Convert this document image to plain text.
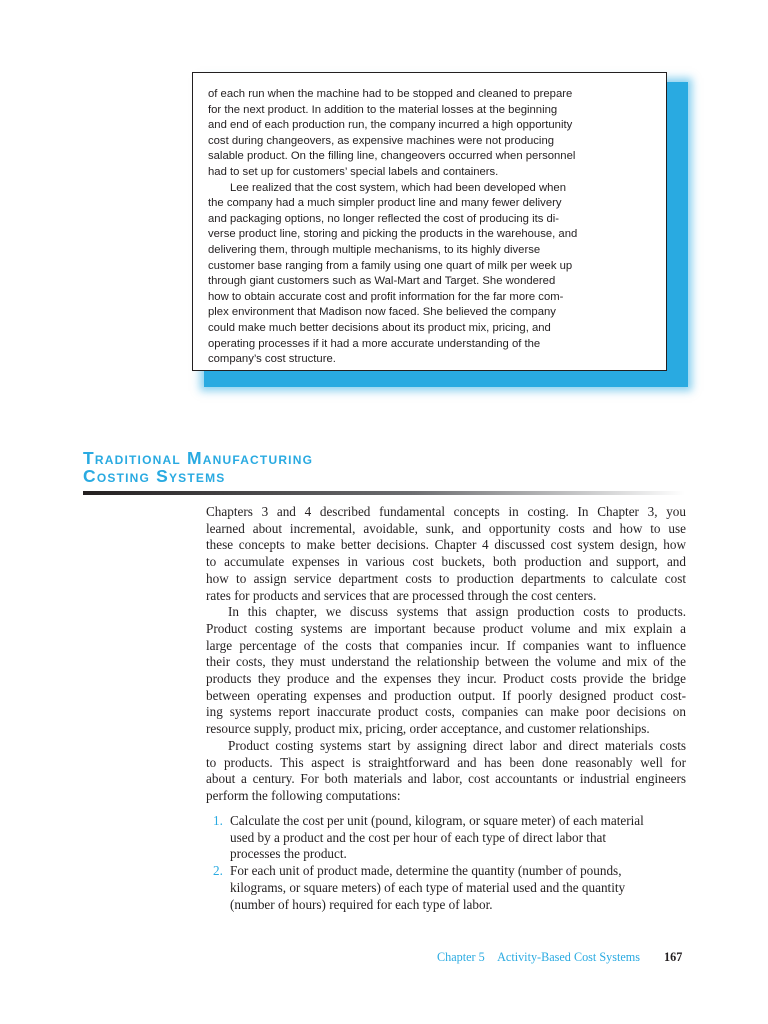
of each run when the machine had to be stopped and cleaned to prepare
for the next product. In addition to the material losses at the beginning
and end of each production run, the company incurred a high opportunity
cost during changeovers, as expensive machines were not producing
salable product. On the filling line, changeovers occurred when personnel
had to set up for customers’ special labels and containers.

Lee realized that the cost system, which had been developed when
the company had a much simpler product line and many fewer delivery
and packaging options, no longer reflected the cost of producing its di-
verse product line, storing and picking the products in the warehouse, and
delivering them, through multiple mechanisms, to its highly diverse
customer base ranging from a family using one quart of milk per week up
through giant customers such as Wal-Mart and Target. She wondered
how to obtain accurate cost and profit information for the far more com-
plex environment that Madison now faced. She believed the company
could make much better decisions about its product mix, pricing, and
operating processes if it had a more accurate understanding of the
company’s cost structure.

Traditional Manufacturing
Costing Systems
Chapters 3 and 4 described fundamental concepts in costing. In Chapter 3, you
learned about incremental, avoidable, sunk, and opportunity costs and how to use
these concepts to make better decisions. Chapter 4 discussed cost system design, how
to accumulate expenses in various cost buckets, both production and support, and
how to assign service department costs to production departments to calculate cost
rates for products and services that are processed through the cost centers.
In this chapter, we discuss systems that assign production costs to products.
Product costing systems are important because product volume and mix explain a
large percentage of the costs that companies incur. If companies want to influence
their costs, they must understand the relationship between the volume and mix of the
products they produce and the expenses they incur. Product costs provide the bridge
between operating expenses and production output. If poorly designed product cost-
ing systems report inaccurate product costs, companies can make poor decisions on
resource supply, product mix, pricing, order acceptance, and customer relationships.
Product costing systems start by assigning direct labor and direct materials costs
to products. This aspect is straightforward and has been done reasonably well for
about a century. For both materials and labor, cost accountants or industrial engineers
perform the following computations:
1. Calculate the cost per unit (pound, kilogram, or square meter) of each material
used by a product and the cost per hour of each type of direct labor that
processes the product.
2. For each unit of product made, determine the quantity (number of pounds,
kilograms, or square meters) of each type of material used and the quantity
(number of hours) required for each type of labor.
Chapter 5 Activity-Based Cost Systems 167
